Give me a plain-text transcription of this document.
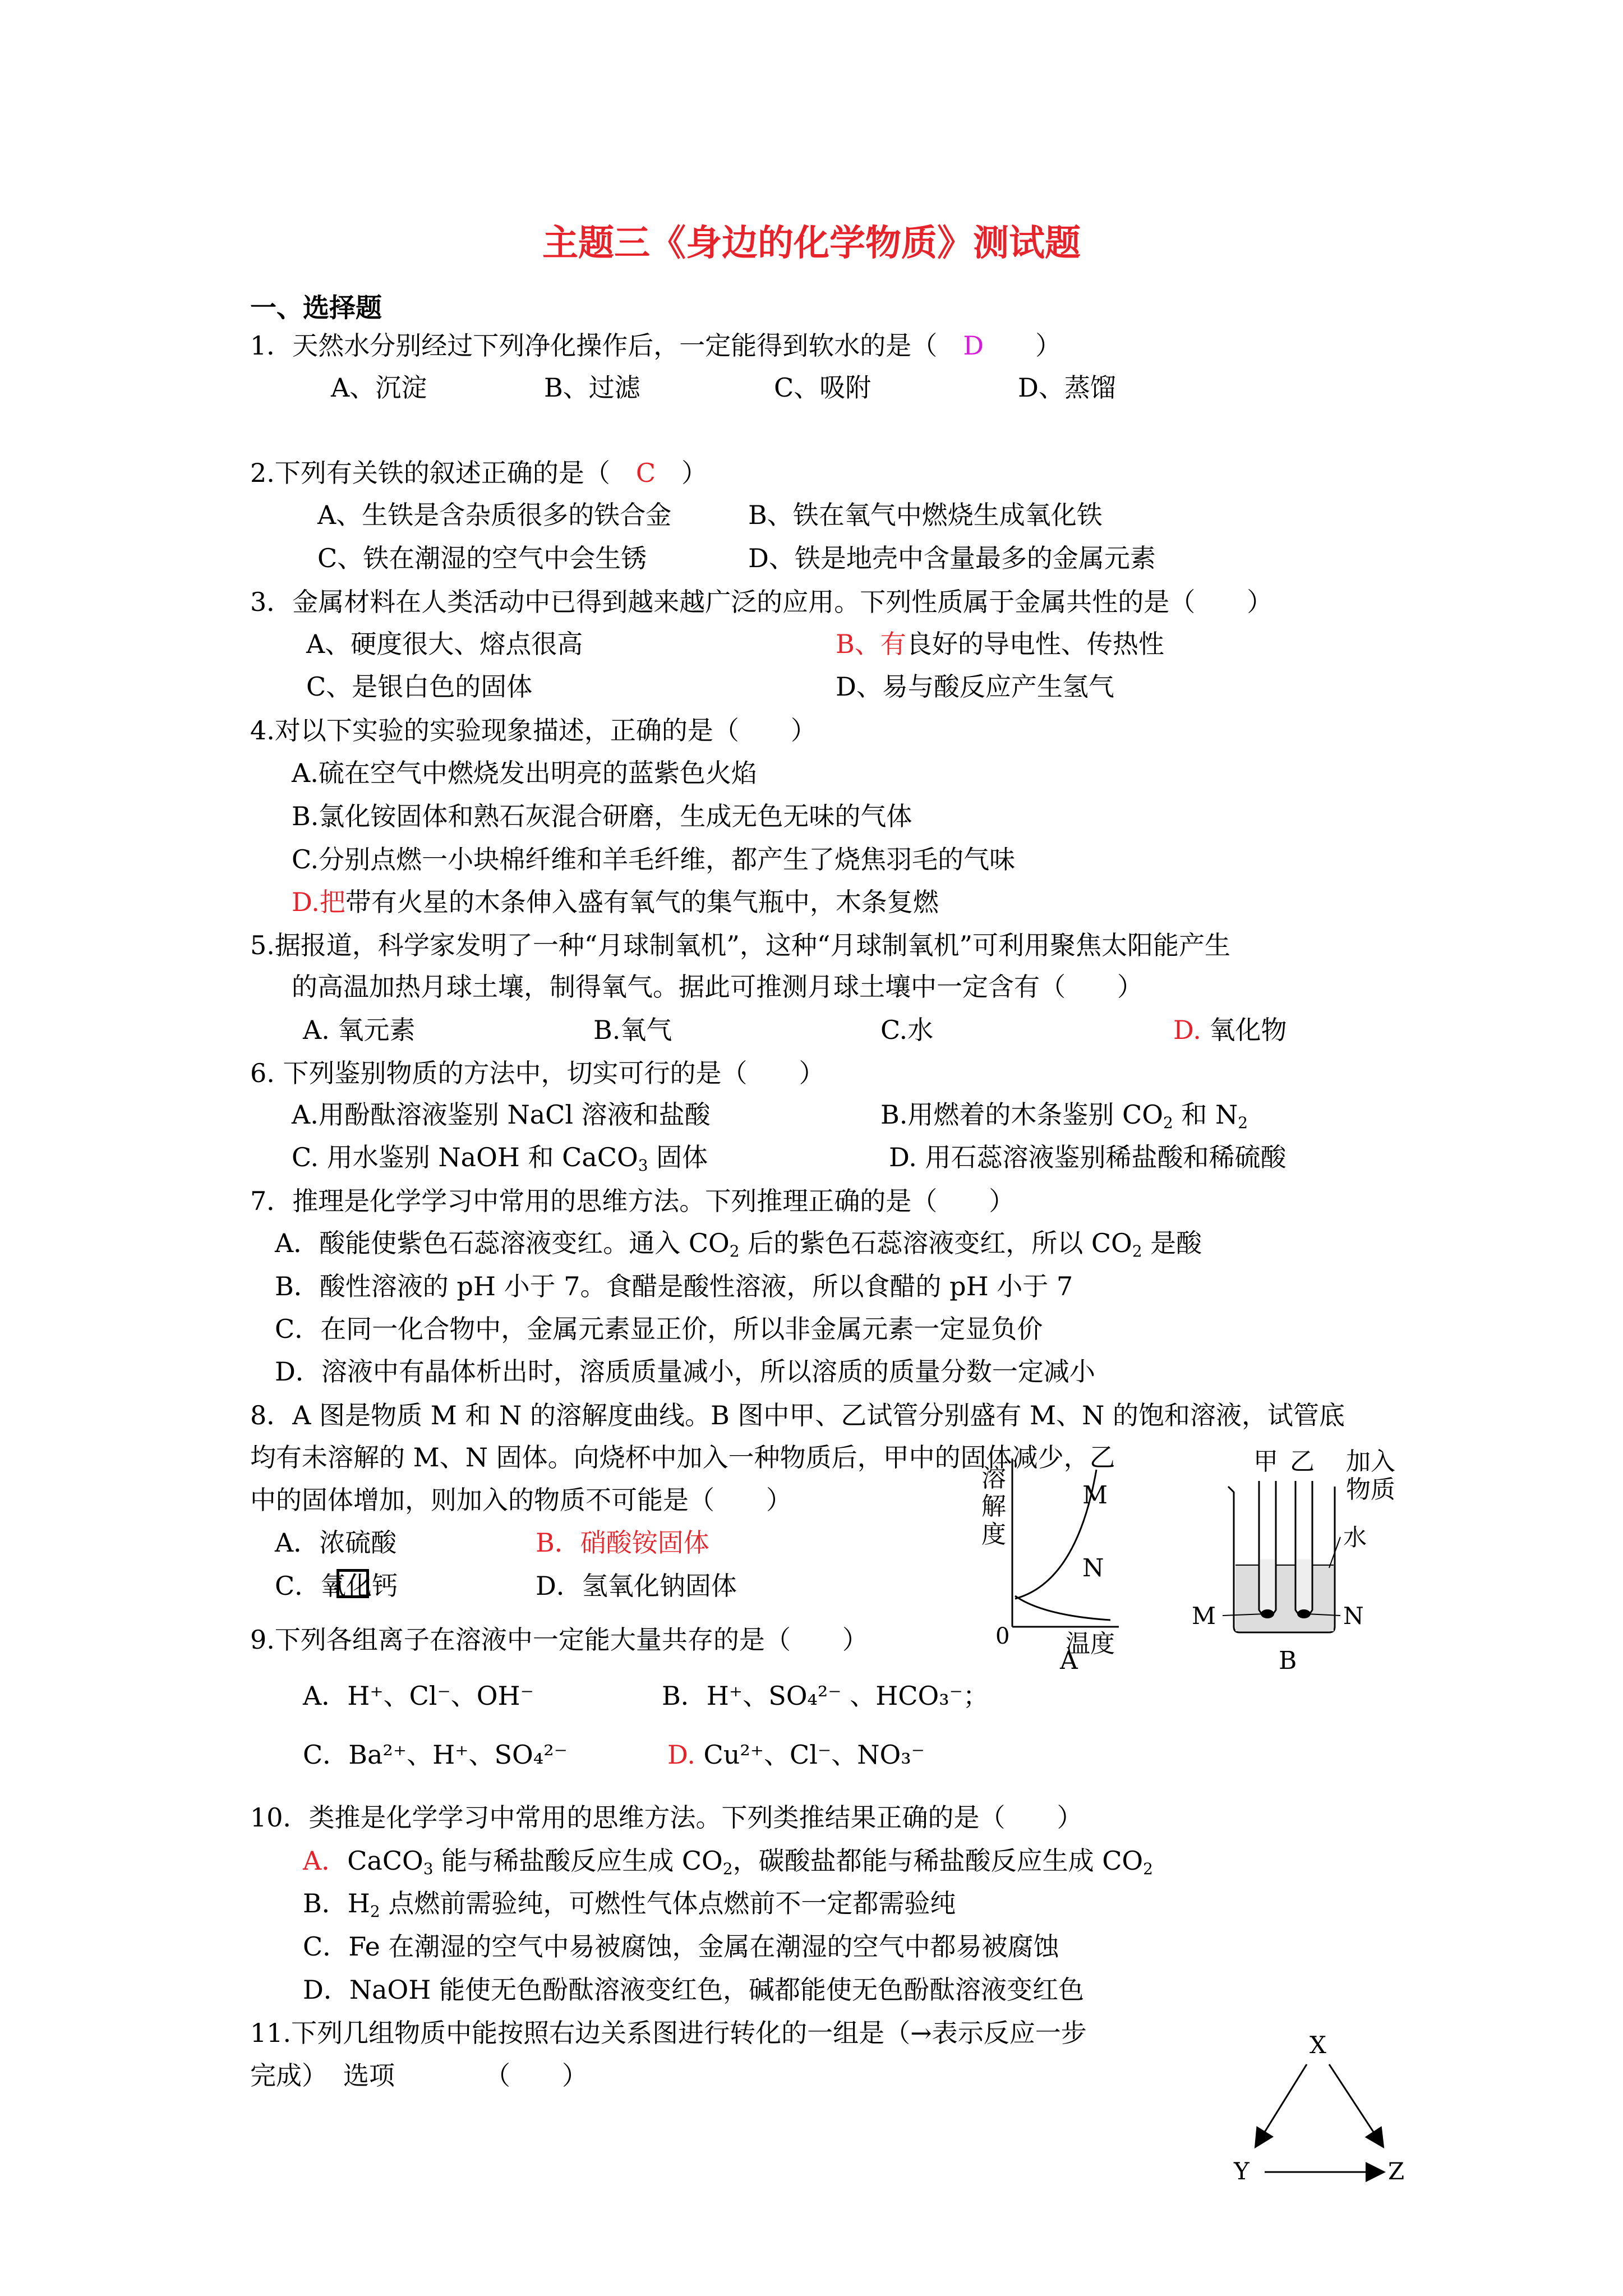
主题三《身边的化学物质》测试题
一、选择题
1．天然水分别经过下列净化操作后，一定能得到软水的是（　 D　　 ）
A、沉淀	B、过滤	C、吸附	D、蒸馏
2.下列有关铁的叙述正确的是（　 C　 ）
A、生铁是含杂质很多的铁合金	B、铁在氧气中燃烧生成氧化铁
C、铁在潮湿的空气中会生锈	D、铁是地壳中含量最多的金属元素
3．金属材料在人类活动中已得到越来越广泛的应用。下列性质属于金属共性的是（　　）
A、硬度很大、熔点很高	B、有良好的导电性、传热性
C、是银白色的固体	D、易与酸反应产生氢气
4.对以下实验的实验现象描述，正确的是（　　）
A.硫在空气中燃烧发出明亮的蓝紫色火焰
B.氯化铵固体和熟石灰混合研磨，生成无色无味的气体
C.分别点燃一小块棉纤维和羊毛纤维，都产生了烧焦羽毛的气味
D.把带有火星的木条伸入盛有氧气的集气瓶中，木条复燃
5.据报道，科学家发明了一种“月球制氧机”，这种“月球制氧机”可利用聚焦太阳能产生
的高温加热月球土壤，制得氧气。据此可推测月球土壤中一定含有（　　）
A. 氧元素	B.氧气	C.水	D. 氧化物
6. 下列鉴别物质的方法中，切实可行的是（　　）
A.用酚酞溶液鉴别 NaCl 溶液和盐酸	B.用燃着的木条鉴别 $CO_2$ 和 $N_2$
C. 用水鉴别 NaOH 和 CaCO$_3$ 固体	D. 用石蕊溶液鉴别稀盐酸和稀硫酸
7．推理是化学学习中常用的思维方法。下列推理正确的是（　　）
A．酸能使紫色石蕊溶液变红。通入 $CO_2$ 后的紫色石蕊溶液变红，所以 $CO_2$ 是酸
B．酸性溶液的 pH 小于 7。食醋是酸性溶液，所以食醋的 pH 小于 7
C．在同一化合物中，金属元素显正价，所以非金属元素一定显负价
D．溶液中有晶体析出时，溶质质量减小，所以溶质的质量分数一定减小
8．A 图是物质 M 和 N 的溶解度曲线。B 图中甲、乙试管分别盛有 M、N 的饱和溶液，试管底
均有未溶解的 M、N 固体。向烧杯中加入一种物质后，甲中的固体减少，乙
中的固体增加，则加入的物质不可能是（　　）
A．浓硫酸	B．硝酸铵固体
C．氧化钙	D．氢氧化钠固体
溶
解
度
M
N
0 温度
A
甲 乙 加入
物质
水
M	N
B
9.下列各组离子在溶液中一定能大量共存的是（　　）
A．H⁺、Cl⁻、OH⁻	B．H⁺、SO₄²⁻ 、HCO₃⁻；
C．Ba²⁺、H⁺、SO₄²⁻	D. Cu²⁺、Cl⁻、NO₃⁻
10．类推是化学学习中常用的思维方法。下列类推结果正确的是（　　）
A．CaCO$_3$ 能与稀盐酸反应生成 $CO_2$，碳酸盐都能与稀盐酸反应生成 $CO_2$
B．$H_2$ 点燃前需验纯，可燃性气体点燃前不一定都需验纯
C．Fe 在潮湿的空气中易被腐蚀，金属在潮湿的空气中都易被腐蚀
D．NaOH 能使无色酚酞溶液变红色，碱都能使无色酚酞溶液变红色
11.下列几组物质中能按照右边关系图进行转化的一组是（→表示反应一步
完成） 选项	（　　）
X
Y	Z
